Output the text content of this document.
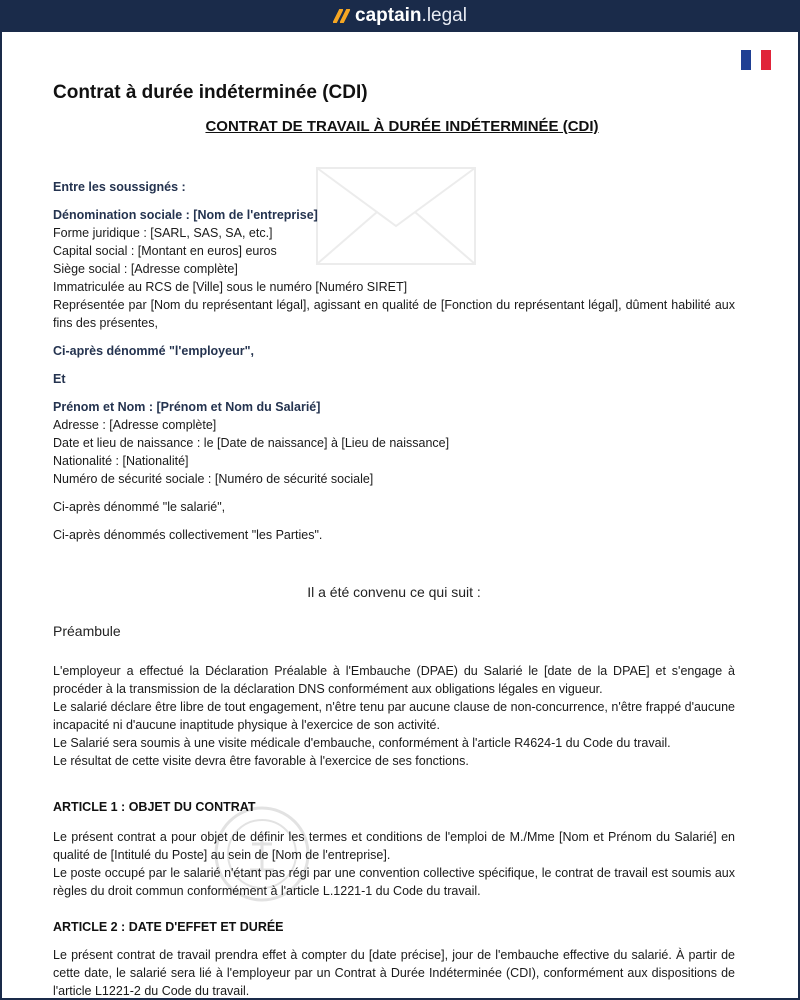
captain .legal
Contrat à durée indéterminée (CDI)
CONTRAT DE TRAVAIL À DURÉE INDÉTERMINÉE (CDI)
Entre les soussignés :
Dénomination sociale : [Nom de l'entreprise]
Forme juridique : [SARL, SAS, SA, etc.]
Capital social : [Montant en euros] euros
Siège social : [Adresse complète]
Immatriculée au RCS de [Ville] sous le numéro [Numéro SIRET]
Représentée par [Nom du représentant légal], agissant en qualité de [Fonction du représentant légal], dûment habilité aux fins des présentes,
Ci-après dénommé "l'employeur",
Et
Prénom et Nom : [Prénom et Nom du Salarié]
Adresse : [Adresse complète]
Date et lieu de naissance : le [Date de naissance] à [Lieu de naissance]
Nationalité : [Nationalité]
Numéro de sécurité sociale : [Numéro de sécurité sociale]
Ci-après dénommé "le salarié",
Ci-après dénommés collectivement "les Parties".
Il a été convenu ce qui suit :
Préambule
L'employeur a effectué la Déclaration Préalable à l'Embauche (DPAE) du Salarié le [date de la DPAE] et s'engage à procéder à la transmission de la déclaration DNS conformément aux obligations légales en vigueur.
Le salarié déclare être libre de tout engagement, n'être tenu par aucune clause de non-concurrence, n'être frappé d'aucune incapacité ni d'aucune inaptitude physique à l'exercice de son activité.
Le Salarié sera soumis à une visite médicale d'embauche, conformément à l'article R4624-1 du Code du travail.
Le résultat de cette visite devra être favorable à l'exercice de ses fonctions.
ARTICLE 1 : OBJET DU CONTRAT
Le présent contrat a pour objet de définir les termes et conditions de l'emploi de M./Mme [Nom et Prénom du Salarié] en qualité de [Intitulé du Poste] au sein de [Nom de l'entreprise].
Le poste occupé par le salarié n'étant pas régi par une convention collective spécifique, le contrat de travail est soumis aux règles du droit commun conformément à l'article L.1221-1 du Code du travail.
ARTICLE 2 : DATE D'EFFET ET DURÉE
Le présent contrat de travail prendra effet à compter du [date précise], jour de l'embauche effective du salarié. À partir de cette date, le salarié sera lié à l'employeur par un Contrat à Durée Indéterminée (CDI), conformément aux dispositions de l'article L1221-2 du Code du travail.
